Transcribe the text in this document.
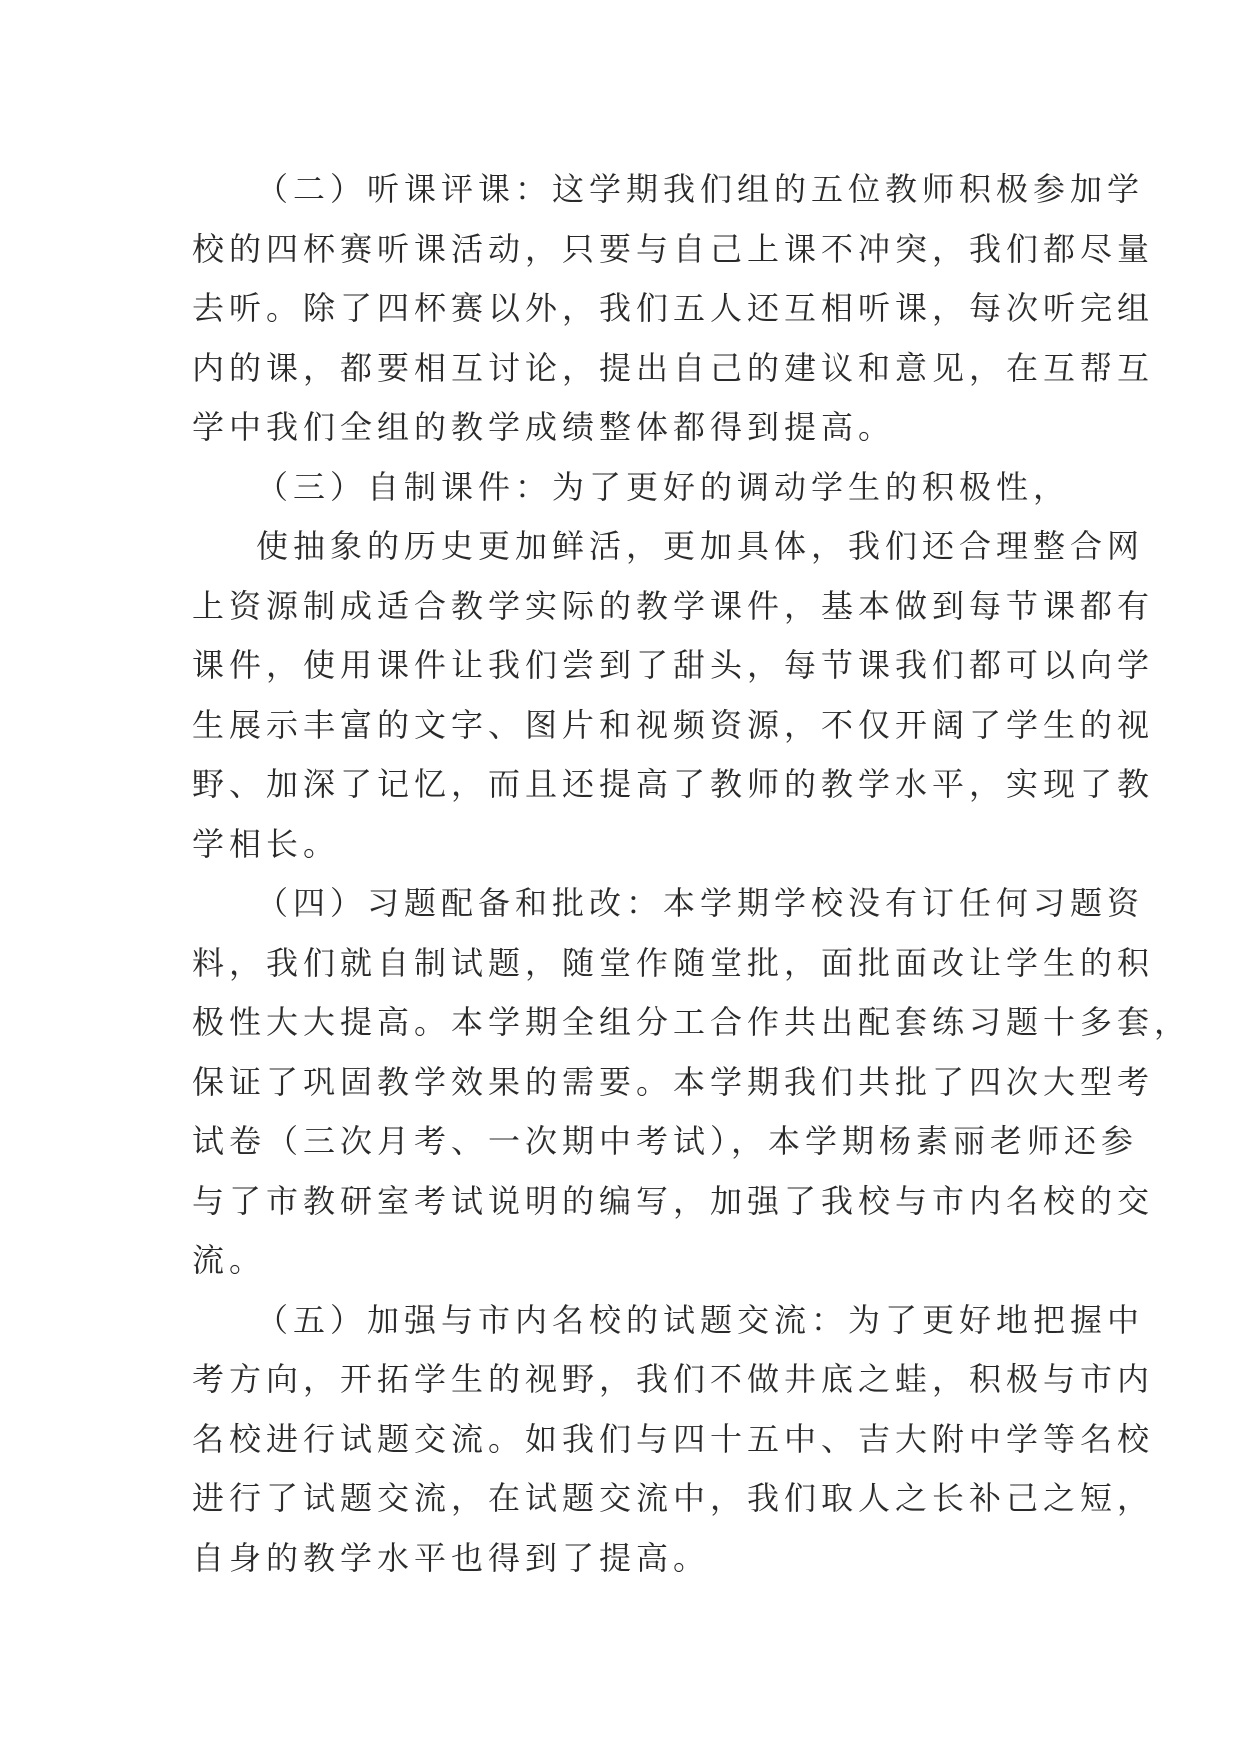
（二）听课评课：这学期我们组的五位教师积极参加学
校的四杯赛听课活动，只要与自己上课不冲突，我们都尽量
去听。除了四杯赛以外，我们五人还互相听课，每次听完组
内的课，都要相互讨论，提出自己的建议和意见，在互帮互
学中我们全组的教学成绩整体都得到提高。
（三）自制课件：为了更好的调动学生的积极性，
使抽象的历史更加鲜活，更加具体，我们还合理整合网
上资源制成适合教学实际的教学课件，基本做到每节课都有
课件，使用课件让我们尝到了甜头，每节课我们都可以向学
生展示丰富的文字、图片和视频资源，不仅开阔了学生的视
野、加深了记忆，而且还提高了教师的教学水平，实现了教
学相长。
（四）习题配备和批改：本学期学校没有订任何习题资
料，我们就自制试题，随堂作随堂批，面批面改让学生的积
极性大大提高。本学期全组分工合作共出配套练习题十多套，
保证了巩固教学效果的需要。本学期我们共批了四次大型考
试卷（三次月考、一次期中考试），本学期杨素丽老师还参
与了市教研室考试说明的编写，加强了我校与市内名校的交
流。
（五）加强与市内名校的试题交流：为了更好地把握中
考方向，开拓学生的视野，我们不做井底之蛙，积极与市内
名校进行试题交流。如我们与四十五中、吉大附中学等名校
进行了试题交流，在试题交流中，我们取人之长补己之短，
自身的教学水平也得到了提高。
